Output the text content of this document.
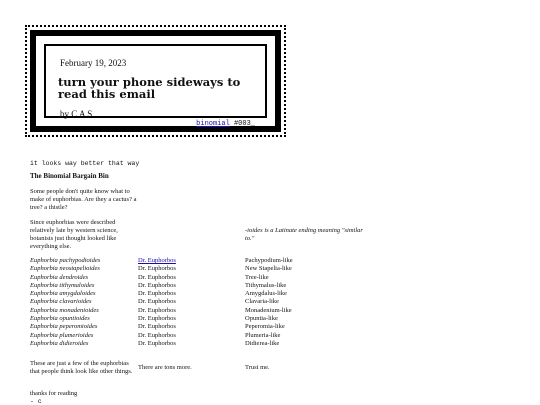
February 19, 2023
turn your phone sideways to read this email
by C A S
binomial #003_
it looks way better that way
The Binomial Bargain Bin
Some people don't quite know what to make of euphorbias. Are they a cactus? a tree? a thistle?
Since euphorbias were described relatively late by western science, botanists just thought looked like everything else.
-ioides is a Latinate ending meaning "similar to."
Euphorbia pachypodioides	Dr. Euphorbos	Pachypodium-like
Euphorbia neostapelioides	Dr. Euphorbos	New Stapelia-like
Euphorbia dendroides	Dr. Euphorbos	Tree-like
Euphorbia tithymaloides	Dr. Euphorbos	Tithymalus-like
Euphorbia amygdaloides	Dr. Euphorbos	Amygdalus-like
Euphorbia clavarioides	Dr. Euphorbos	Clavaria-like
Euphorbia monadenioides	Dr. Euphorbos	Monadenium-like
Euphorbia opuntioides	Dr. Euphorbos	Opuntia-like
Euphorbia peperomioides	Dr. Euphorbos	Peperomia-like
Euphorbia plumerioides	Dr. Euphorbos	Plumeria-like
Euphorbia didieroides	Dr. Euphorbos	Didierea-like
These are just a few of the euphorbias that people think look like other things.
There are tons more.	Trust me.
thanks for reading
- c
